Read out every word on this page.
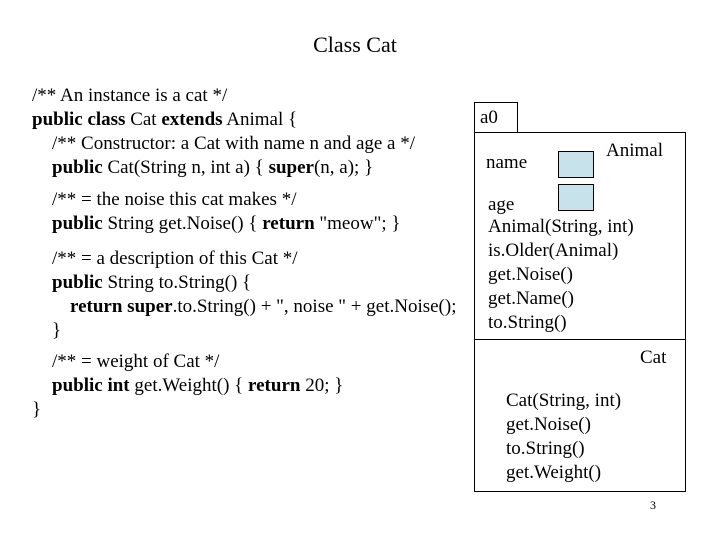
Class Cat
/** An instance is a cat */
public class Cat extends Animal {
/** Constructor: a Cat with name n and age a */
public Cat(String n, int a) { super(n, a); }
/** = the noise this cat makes */
public String get.Noise() { return "meow"; }
/** = a description of this Cat */
public String to.String() {
return super.to.String() + ", noise " + get.Noise();
}
/** = weight of Cat */
public int get.Weight() { return 20; }
}
a0
Animal
name
age
Animal(String, int)
is.Older(Animal)
get.Noise()
get.Name()
to.String()
Cat
Cat(String, int)
get.Noise()
to.String()
get.Weight()
3
